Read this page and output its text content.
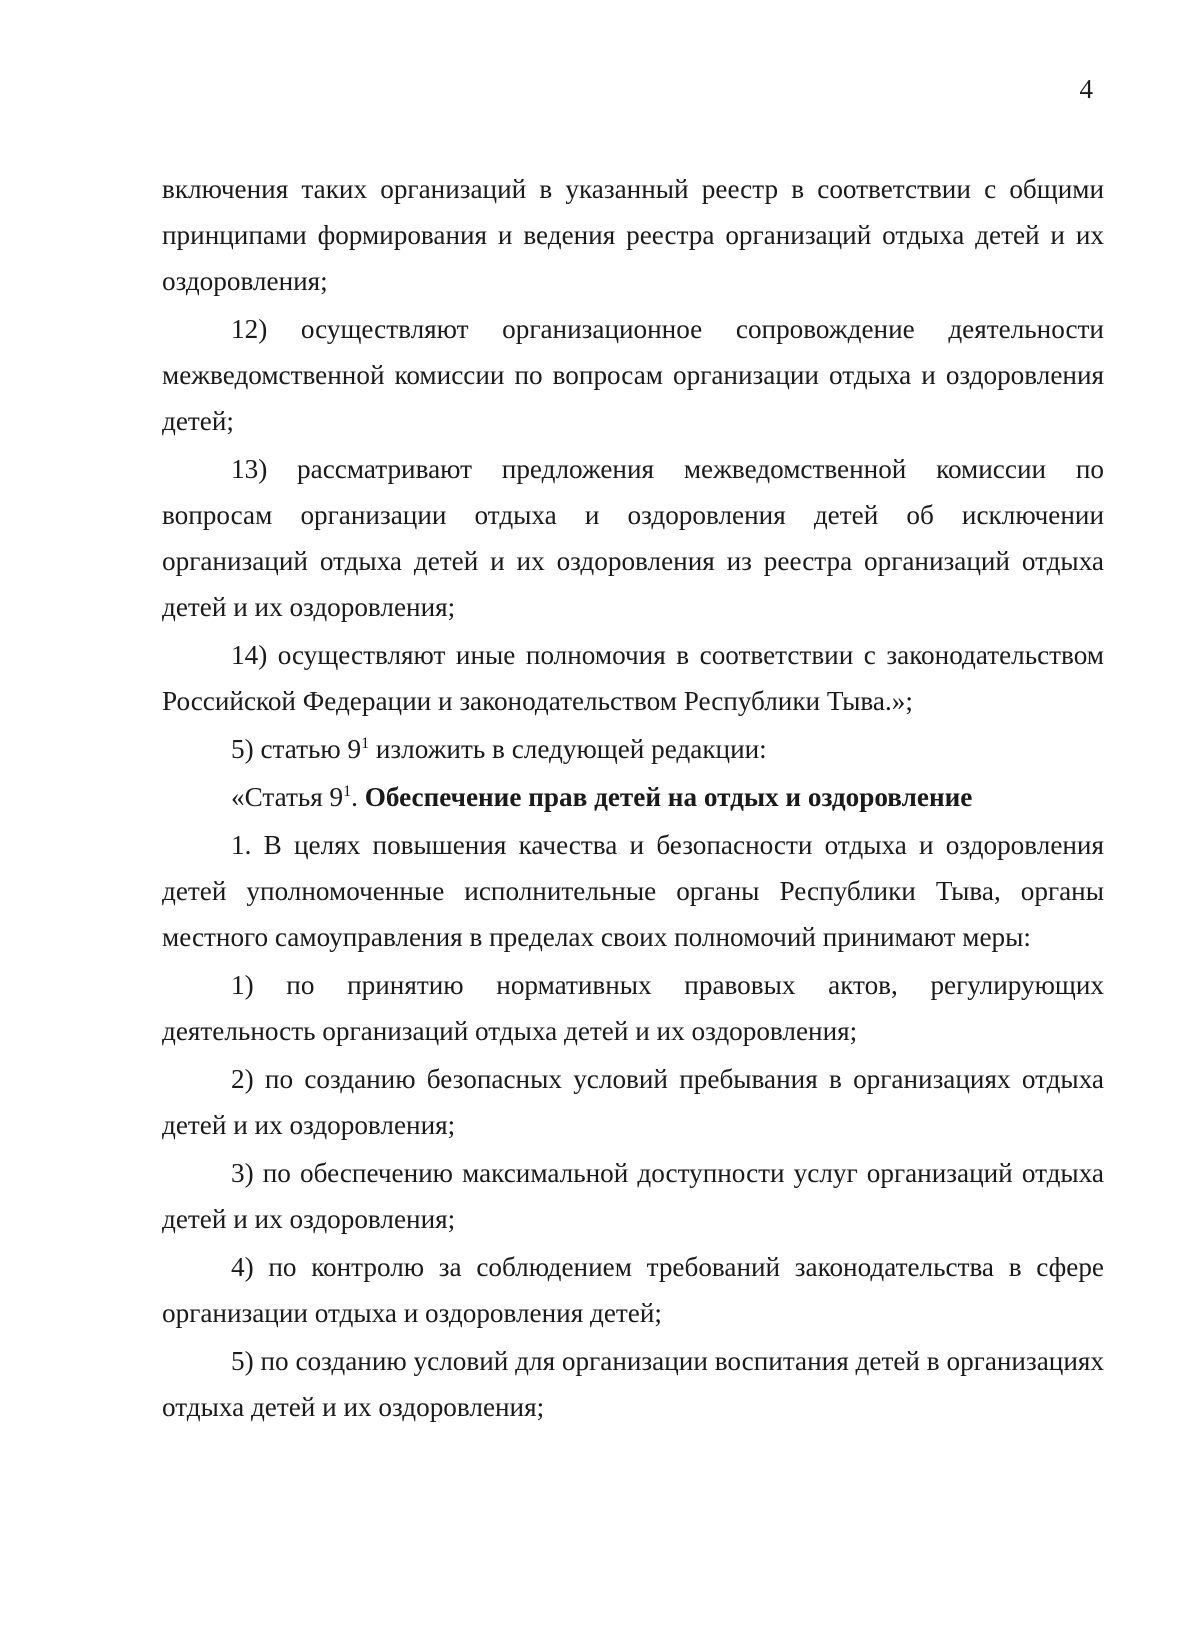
4

включения таких организаций в указанный реестр в соответствии с общими принципами формирования и ведения реестра организаций отдыха детей и их оздоровления;

12) осуществляют организационное сопровождение деятельности межведомственной комиссии по вопросам организации отдыха и оздоровления детей;

13) рассматривают предложения межведомственной комиссии по вопросам организации отдыха и оздоровления детей об исключении организаций отдыха детей и их оздоровления из реестра организаций отдыха детей и их оздоровления;

14) осуществляют иные полномочия в соответствии с законодательством Российской Федерации и законодательством Республики Тыва.»;

5) статью $9^1$ изложить в следующей редакции:

«Статья $9^1$. Обеспечение прав детей на отдых и оздоровление

1. В целях повышения качества и безопасности отдыха и оздоровления детей уполномоченные исполнительные органы Республики Тыва, органы местного самоуправления в пределах своих полномочий принимают меры:

1) по принятию нормативных правовых актов, регулирующих деятельность организаций отдыха детей и их оздоровления;

2) по созданию безопасных условий пребывания в организациях отдыха детей и их оздоровления;

3) по обеспечению максимальной доступности услуг организаций отдыха детей и их оздоровления;

4) по контролю за соблюдением требований законодательства в сфере организации отдыха и оздоровления детей;

5) по созданию условий для организации воспитания детей в организациях отдыха детей и их оздоровления;
